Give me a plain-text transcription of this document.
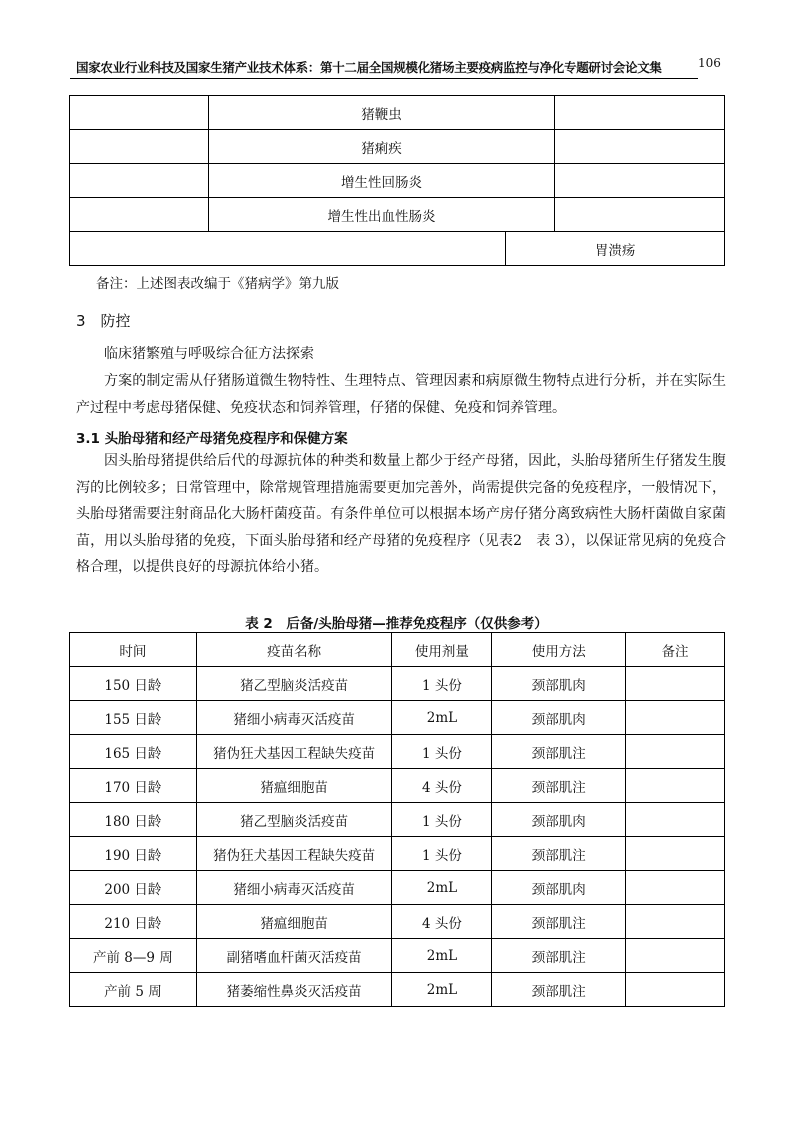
国家农业行业科技及国家生猪产业技术体系：第十二届全国规模化猪场主要疫病监控与净化专题研讨会论文集	106
	猪鞭虫		
	猪痢疾		
	增生性回肠炎		
	增生性出血性肠炎		
		胃溃疡	
备注：上述图表改编于《猪病学》第九版
3　防控
临床猪繁殖与呼吸综合征方法探索
方案的制定需从仔猪肠道微生物特性、生理特点、管理因素和病原微生物特点进行分析，并在实际生产过程中考虑母猪保健、免疫状态和饲养管理，仔猪的保健、免疫和饲养管理。
3.1 头胎母猪和经产母猪免疫程序和保健方案
因头胎母猪提供给后代的母源抗体的种类和数量上都少于经产母猪，因此，头胎母猪所生仔猪发生腹泻的比例较多；日常管理中，除常规管理措施需要更加完善外，尚需提供完备的免疫程序，一般情况下，头胎母猪需要注射商品化大肠杆菌疫苗。有条件单位可以根据本场产房仔猪分离致病性大肠杆菌做自家菌苗，用以头胎母猪的免疫，下面头胎母猪和经产母猪的免疫程序（见表2　表 3），以保证常见病的免疫合格合理，以提供良好的母源抗体给小猪。
表 2　后备/头胎母猪—推荐免疫程序（仅供参考）
时间	疫苗名称	使用剂量	使用方法	备注
150 日龄	猪乙型脑炎活疫苗	1 头份	颈部肌肉	
155 日龄	猪细小病毒灭活疫苗	2mL	颈部肌肉	
165 日龄	猪伪狂犬基因工程缺失疫苗	1 头份	颈部肌注	
170 日龄	猪瘟细胞苗	4 头份	颈部肌注	
180 日龄	猪乙型脑炎活疫苗	1 头份	颈部肌肉	
190 日龄	猪伪狂犬基因工程缺失疫苗	1 头份	颈部肌注	
200 日龄	猪细小病毒灭活疫苗	2mL	颈部肌肉	
210 日龄	猪瘟细胞苗	4 头份	颈部肌注	
产前 8—9 周	副猪嗜血杆菌灭活疫苗	2mL	颈部肌注	
产前 5 周	猪萎缩性鼻炎灭活疫苗	2mL	颈部肌注	
